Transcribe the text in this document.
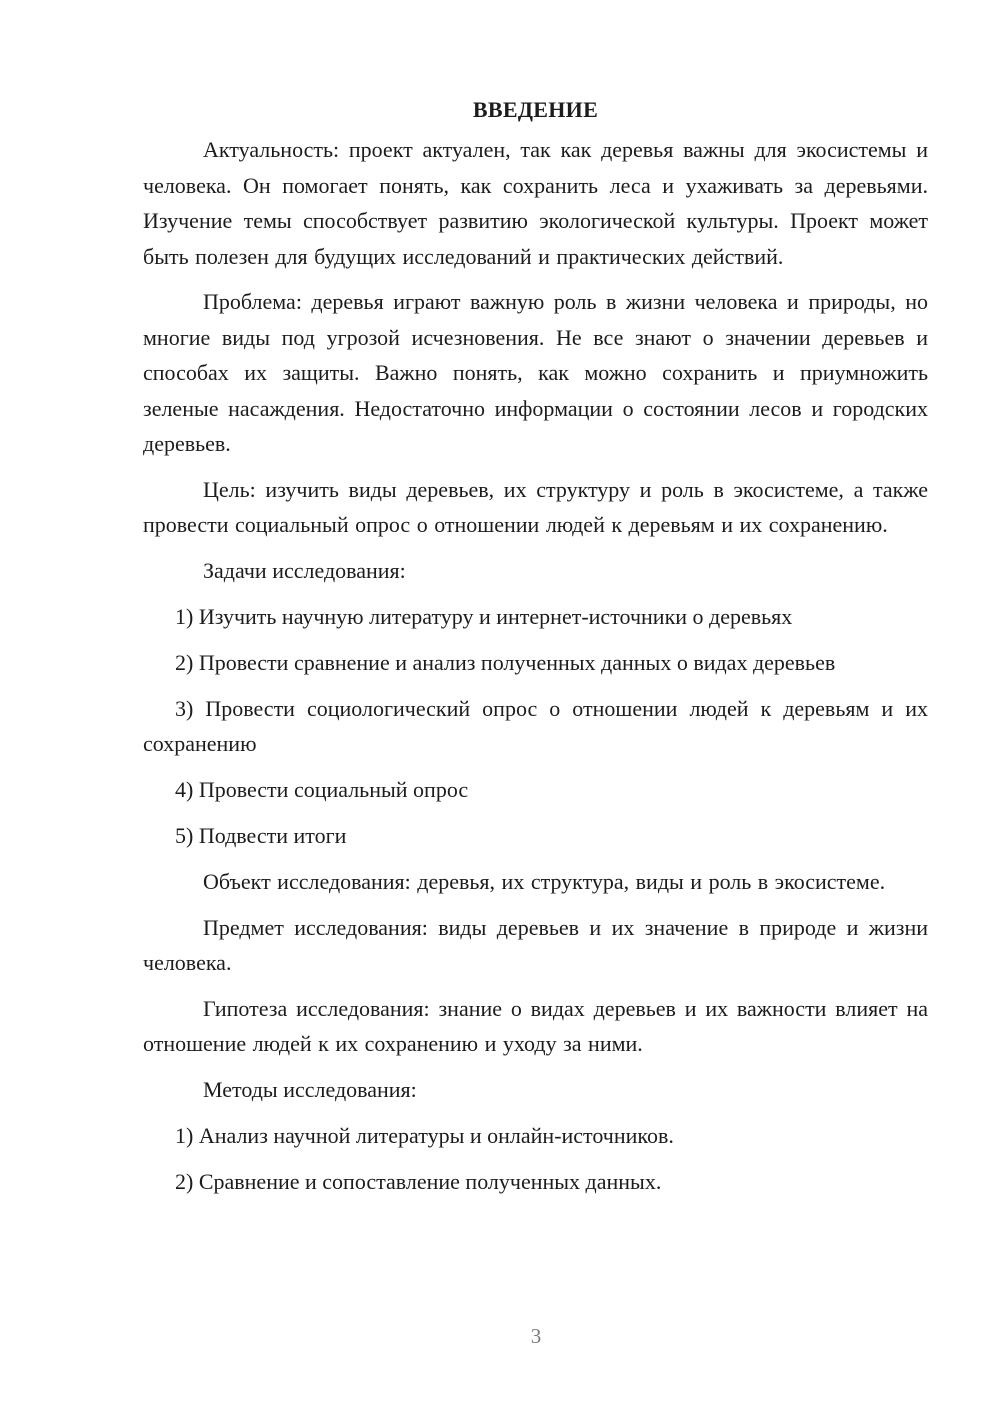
ВВЕДЕНИЕ

Актуальность: проект актуален, так как деревья важны для экосистемы и человека. Он помогает понять, как сохранить леса и ухаживать за деревьями. Изучение темы способствует развитию экологической культуры. Проект может быть полезен для будущих исследований и практических действий.

Проблема: деревья играют важную роль в жизни человека и природы, но многие виды под угрозой исчезновения. Не все знают о значении деревьев и способах их защиты. Важно понять, как можно сохранить и приумножить зеленые насаждения. Недостаточно информации о состоянии лесов и городских деревьев.

Цель: изучить виды деревьев, их структуру и роль в экосистеме, а также провести социальный опрос о отношении людей к деревьям и их сохранению.

Задачи исследования:

1) Изучить научную литературу и интернет-источники о деревьях

2) Провести сравнение и анализ полученных данных о видах деревьев

3) Провести социологический опрос о отношении людей к деревьям и их сохранению

4) Провести социальный опрос

5) Подвести итоги

Объект исследования: деревья, их структура, виды и роль в экосистеме.

Предмет исследования: виды деревьев и их значение в природе и жизни человека.

Гипотеза исследования: знание о видах деревьев и их важности влияет на отношение людей к их сохранению и уходу за ними.

Методы исследования:

1) Анализ научной литературы и онлайн-источников.

2) Сравнение и сопоставление полученных данных.

3
